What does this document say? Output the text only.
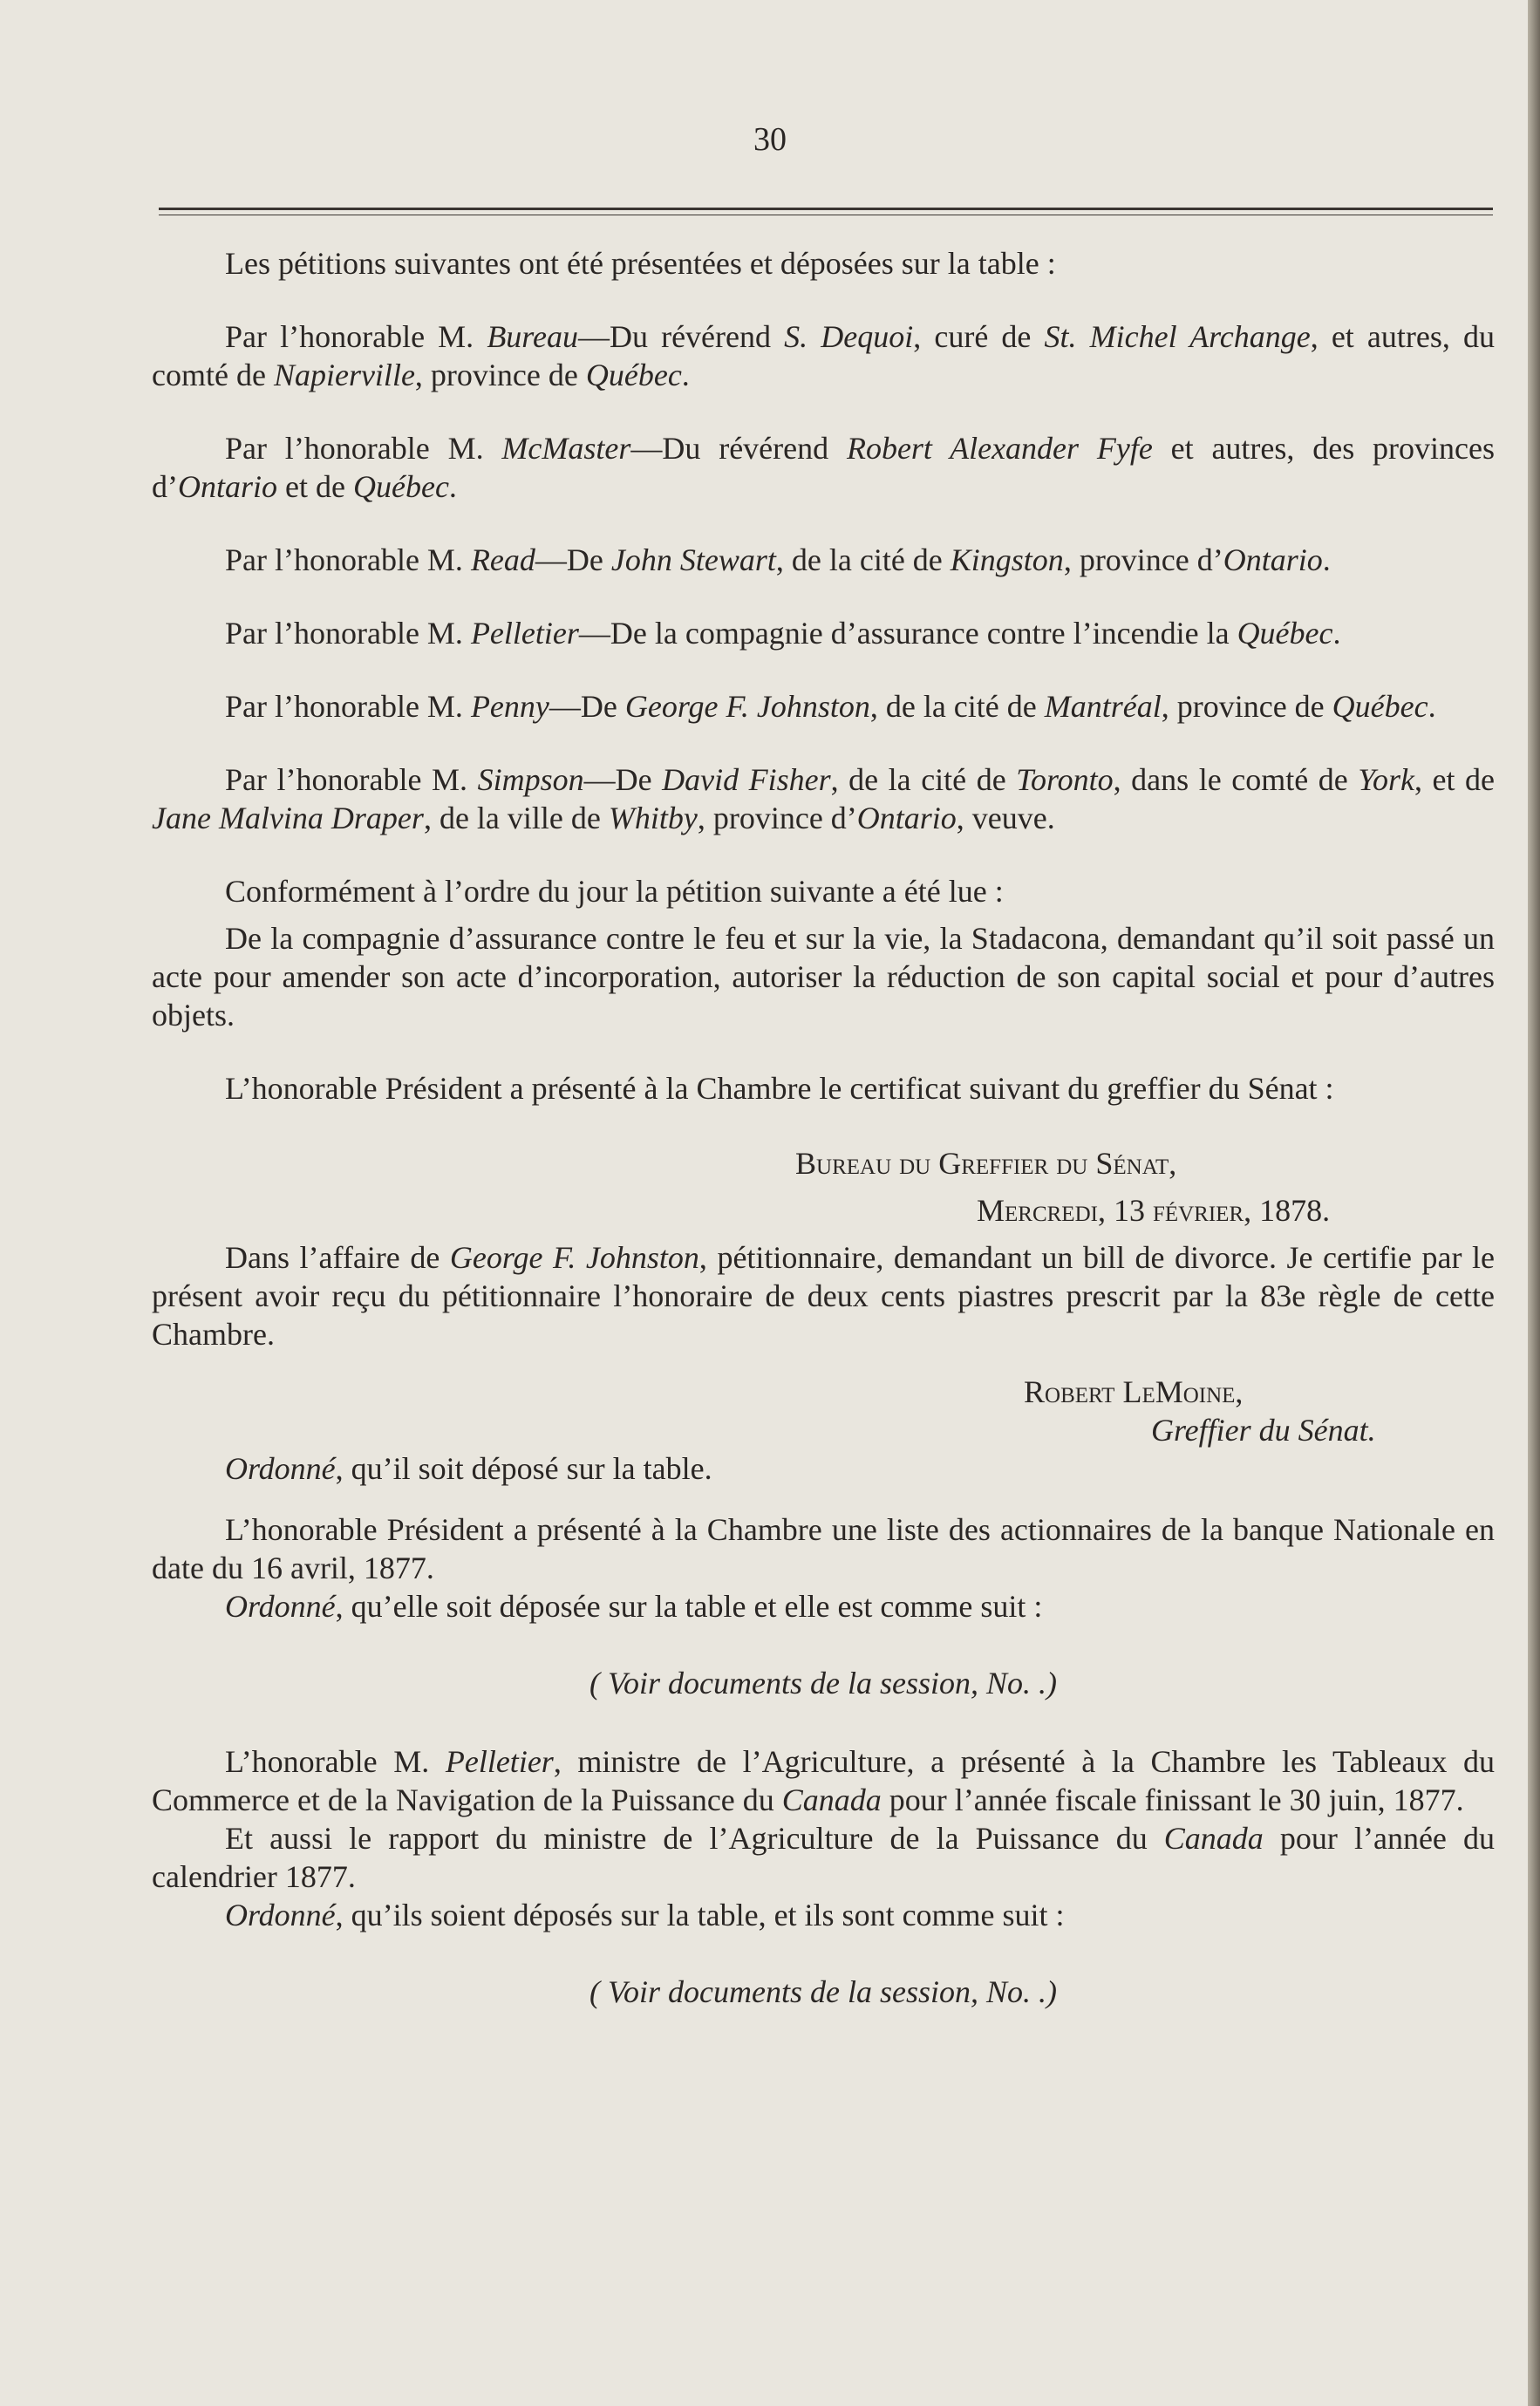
30

Les pétitions suivantes ont été présentées et déposées sur la table :

Par l’honorable M. Bureau—Du révérend S. Dequoi, curé de St. Michel Archange, et autres, du comté de Napierville, province de Québec.

Par l’honorable M. McMaster—Du révérend Robert Alexander Fyfe et autres, des provinces d’Ontario et de Québec.

Par l’honorable M. Read—De John Stewart, de la cité de Kingston, province d’Ontario.

Par l’honorable M. Pelletier—De la compagnie d’assurance contre l’incendie la Québec.

Par l’honorable M. Penny—De George F. Johnston, de la cité de Mantréal, province de Québec.

Par l’honorable M. Simpson—De David Fisher, de la cité de Toronto, dans le comté de York, et de Jane Malvina Draper, de la ville de Whitby, province d’Ontario, veuve.

Conformément à l’ordre du jour la pétition suivante a été lue :

De la compagnie d’assurance contre le feu et sur la vie, la Stadacona, demandant qu’il soit passé un acte pour amender son acte d’incorporation, autoriser la réduction de son capital social et pour d’autres objets.

L’honorable Président a présenté à la Chambre le certificat suivant du greffier du Sénat :

Bureau du Greffier du Sénat,

Mercredi, 13 février, 1878.

Dans l’affaire de George F. Johnston, pétitionnaire, demandant un bill de divorce. Je certifie par le présent avoir reçu du pétitionnaire l’honoraire de deux cents piastres prescrit par la 83e règle de cette Chambre.

Robert LeMoine,

Greffier du Sénat.

Ordonné, qu’il soit déposé sur la table.

L’honorable Président a présenté à la Chambre une liste des actionnaires de la banque Nationale en date du 16 avril, 1877.

Ordonné, qu’elle soit déposée sur la table et elle est comme suit :

( Voir documents de la session, No. .)

L’honorable M. Pelletier, ministre de l’Agriculture, a présenté à la Chambre les Tableaux du Commerce et de la Navigation de la Puissance du Canada pour l’année fiscale finissant le 30 juin, 1877.

Et aussi le rapport du ministre de l’Agriculture de la Puissance du Canada pour l’année du calendrier 1877.

Ordonné, qu’ils soient déposés sur la table, et ils sont comme suit :

( Voir documents de la session, No. .)
